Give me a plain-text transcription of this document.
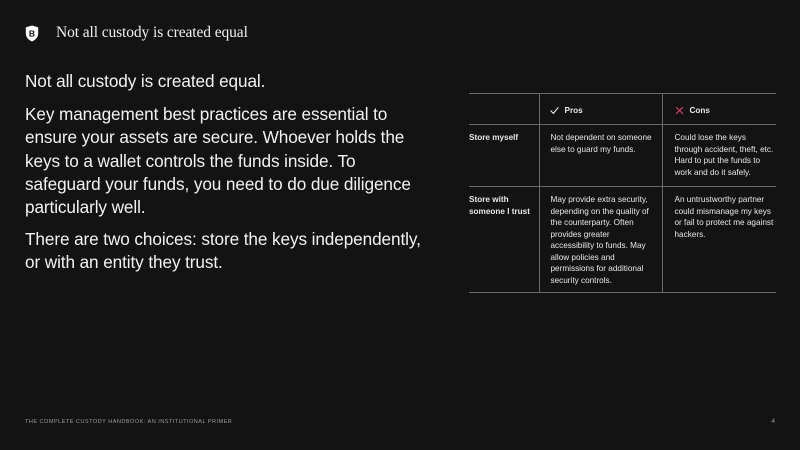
B Not all custody is created equal

Not all custody is created equal.

Key management best practices are essential to ensure your assets are secure. Whoever holds the keys to a wallet controls the funds inside. To safeguard your funds, you need to do due diligence particularly well.

There are two choices: store the keys independently, or with an entity they trust.

	Pros	Cons

Store myself	Not dependent on someone else to guard my funds.	Could lose the keys through accident, theft, etc. Hard to put the funds to work and do it safely.
Store with someone I trust	May provide extra security, depending on the quality of the counterparty. Often provides greater accessibility to funds. May allow policies and permissions for additional security controls.	An untrustworthy partner could mismanage my keys or fail to protect me against hackers.
THE COMPLETE CUSTODY HANDBOOK: AN INSTITUTIONAL PRIMER	4
